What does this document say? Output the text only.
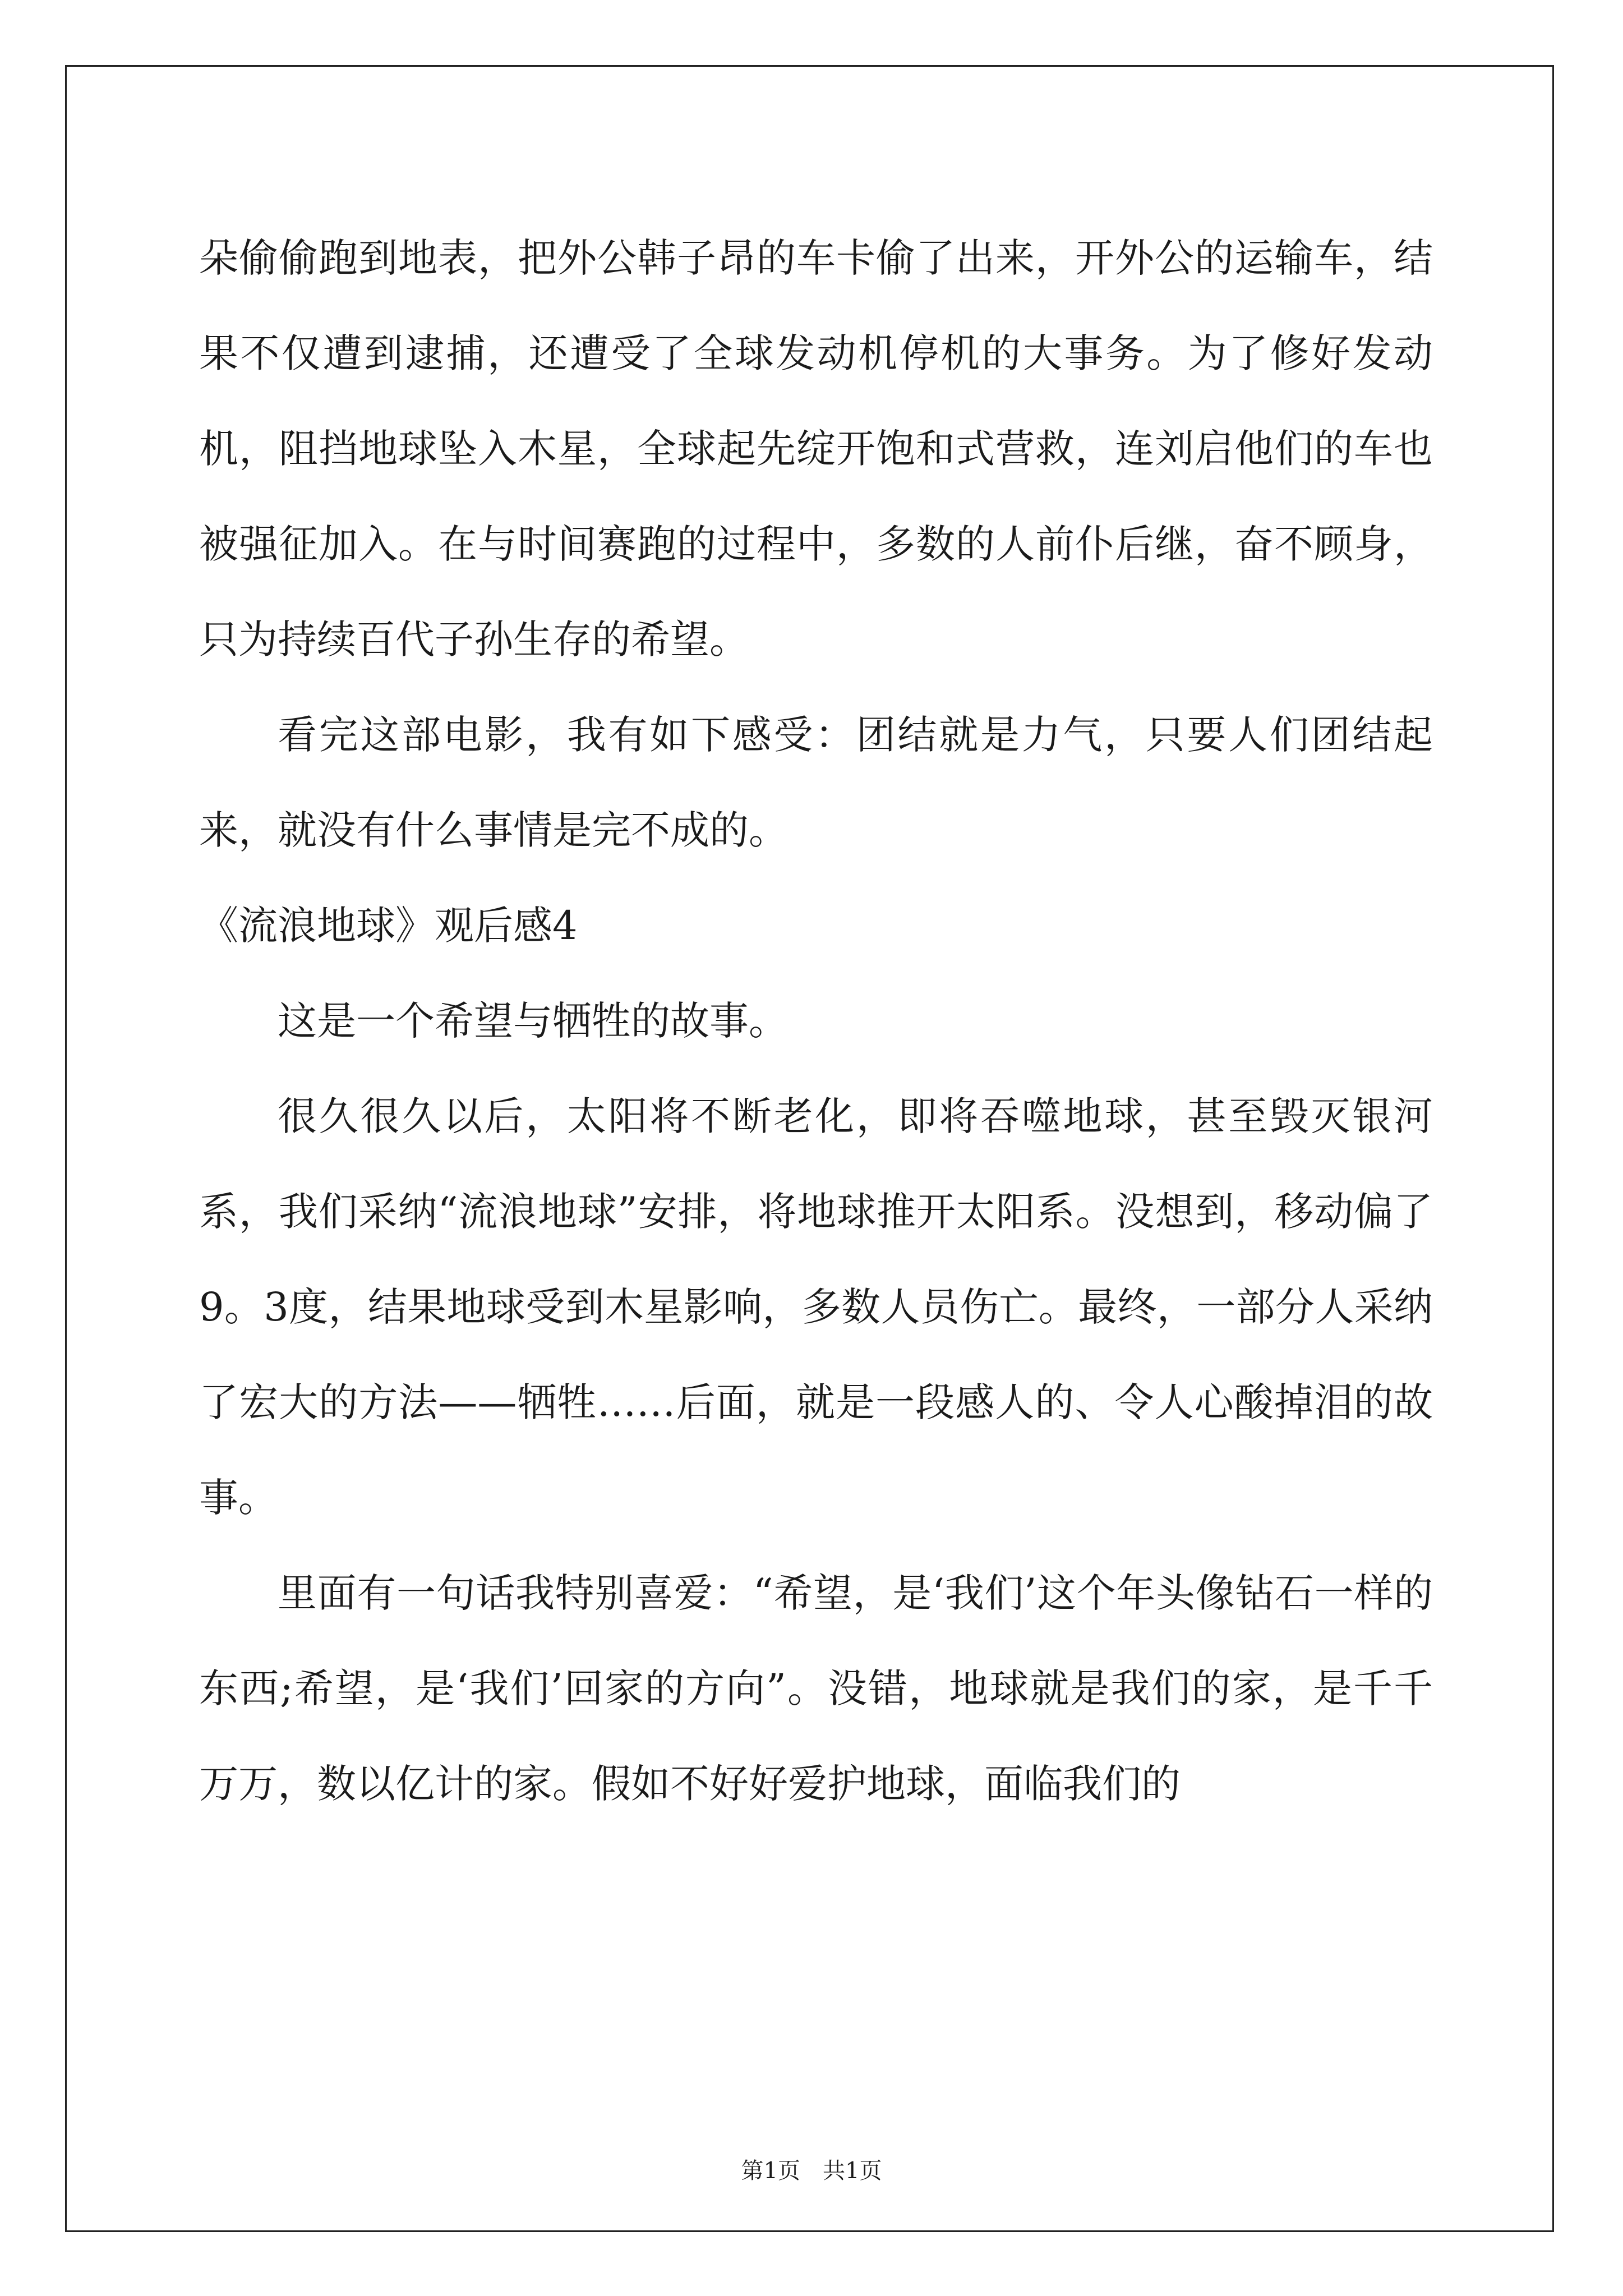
朵偷偷跑到地表，把外公韩子昂的车卡偷了出来，开外公的运输车，结果不仅遭到逮捕，还遭受了全球发动机停机的大事务。为了修好发动机，阻挡地球坠入木星，全球起先绽开饱和式营救，连刘启他们的车也被强征加入。在与时间赛跑的过程中，多数的人前仆后继，奋不顾身，只为持续百代子孙生存的希望。

看完这部电影，我有如下感受：团结就是力气，只要人们团结起来，就没有什么事情是完不成的。

《流浪地球》观后感4

这是一个希望与牺牲的故事。

很久很久以后，太阳将不断老化，即将吞噬地球，甚至毁灭银河系，我们采纳“流浪地球”安排，将地球推开太阳系。没想到，移动偏了9。3度，结果地球受到木星影响，多数人员伤亡。最终，一部分人采纳了宏大的方法——牺牲……后面，就是一段感人的、令人心酸掉泪的故事。

里面有一句话我特别喜爱：“希望，是‘我们’这个年头像钻石一样的东西;希望，是‘我们’回家的方向”。没错，地球就是我们的家，是千千万万，数以亿计的家。假如不好好爱护地球，面临我们的

第1页　共1页
